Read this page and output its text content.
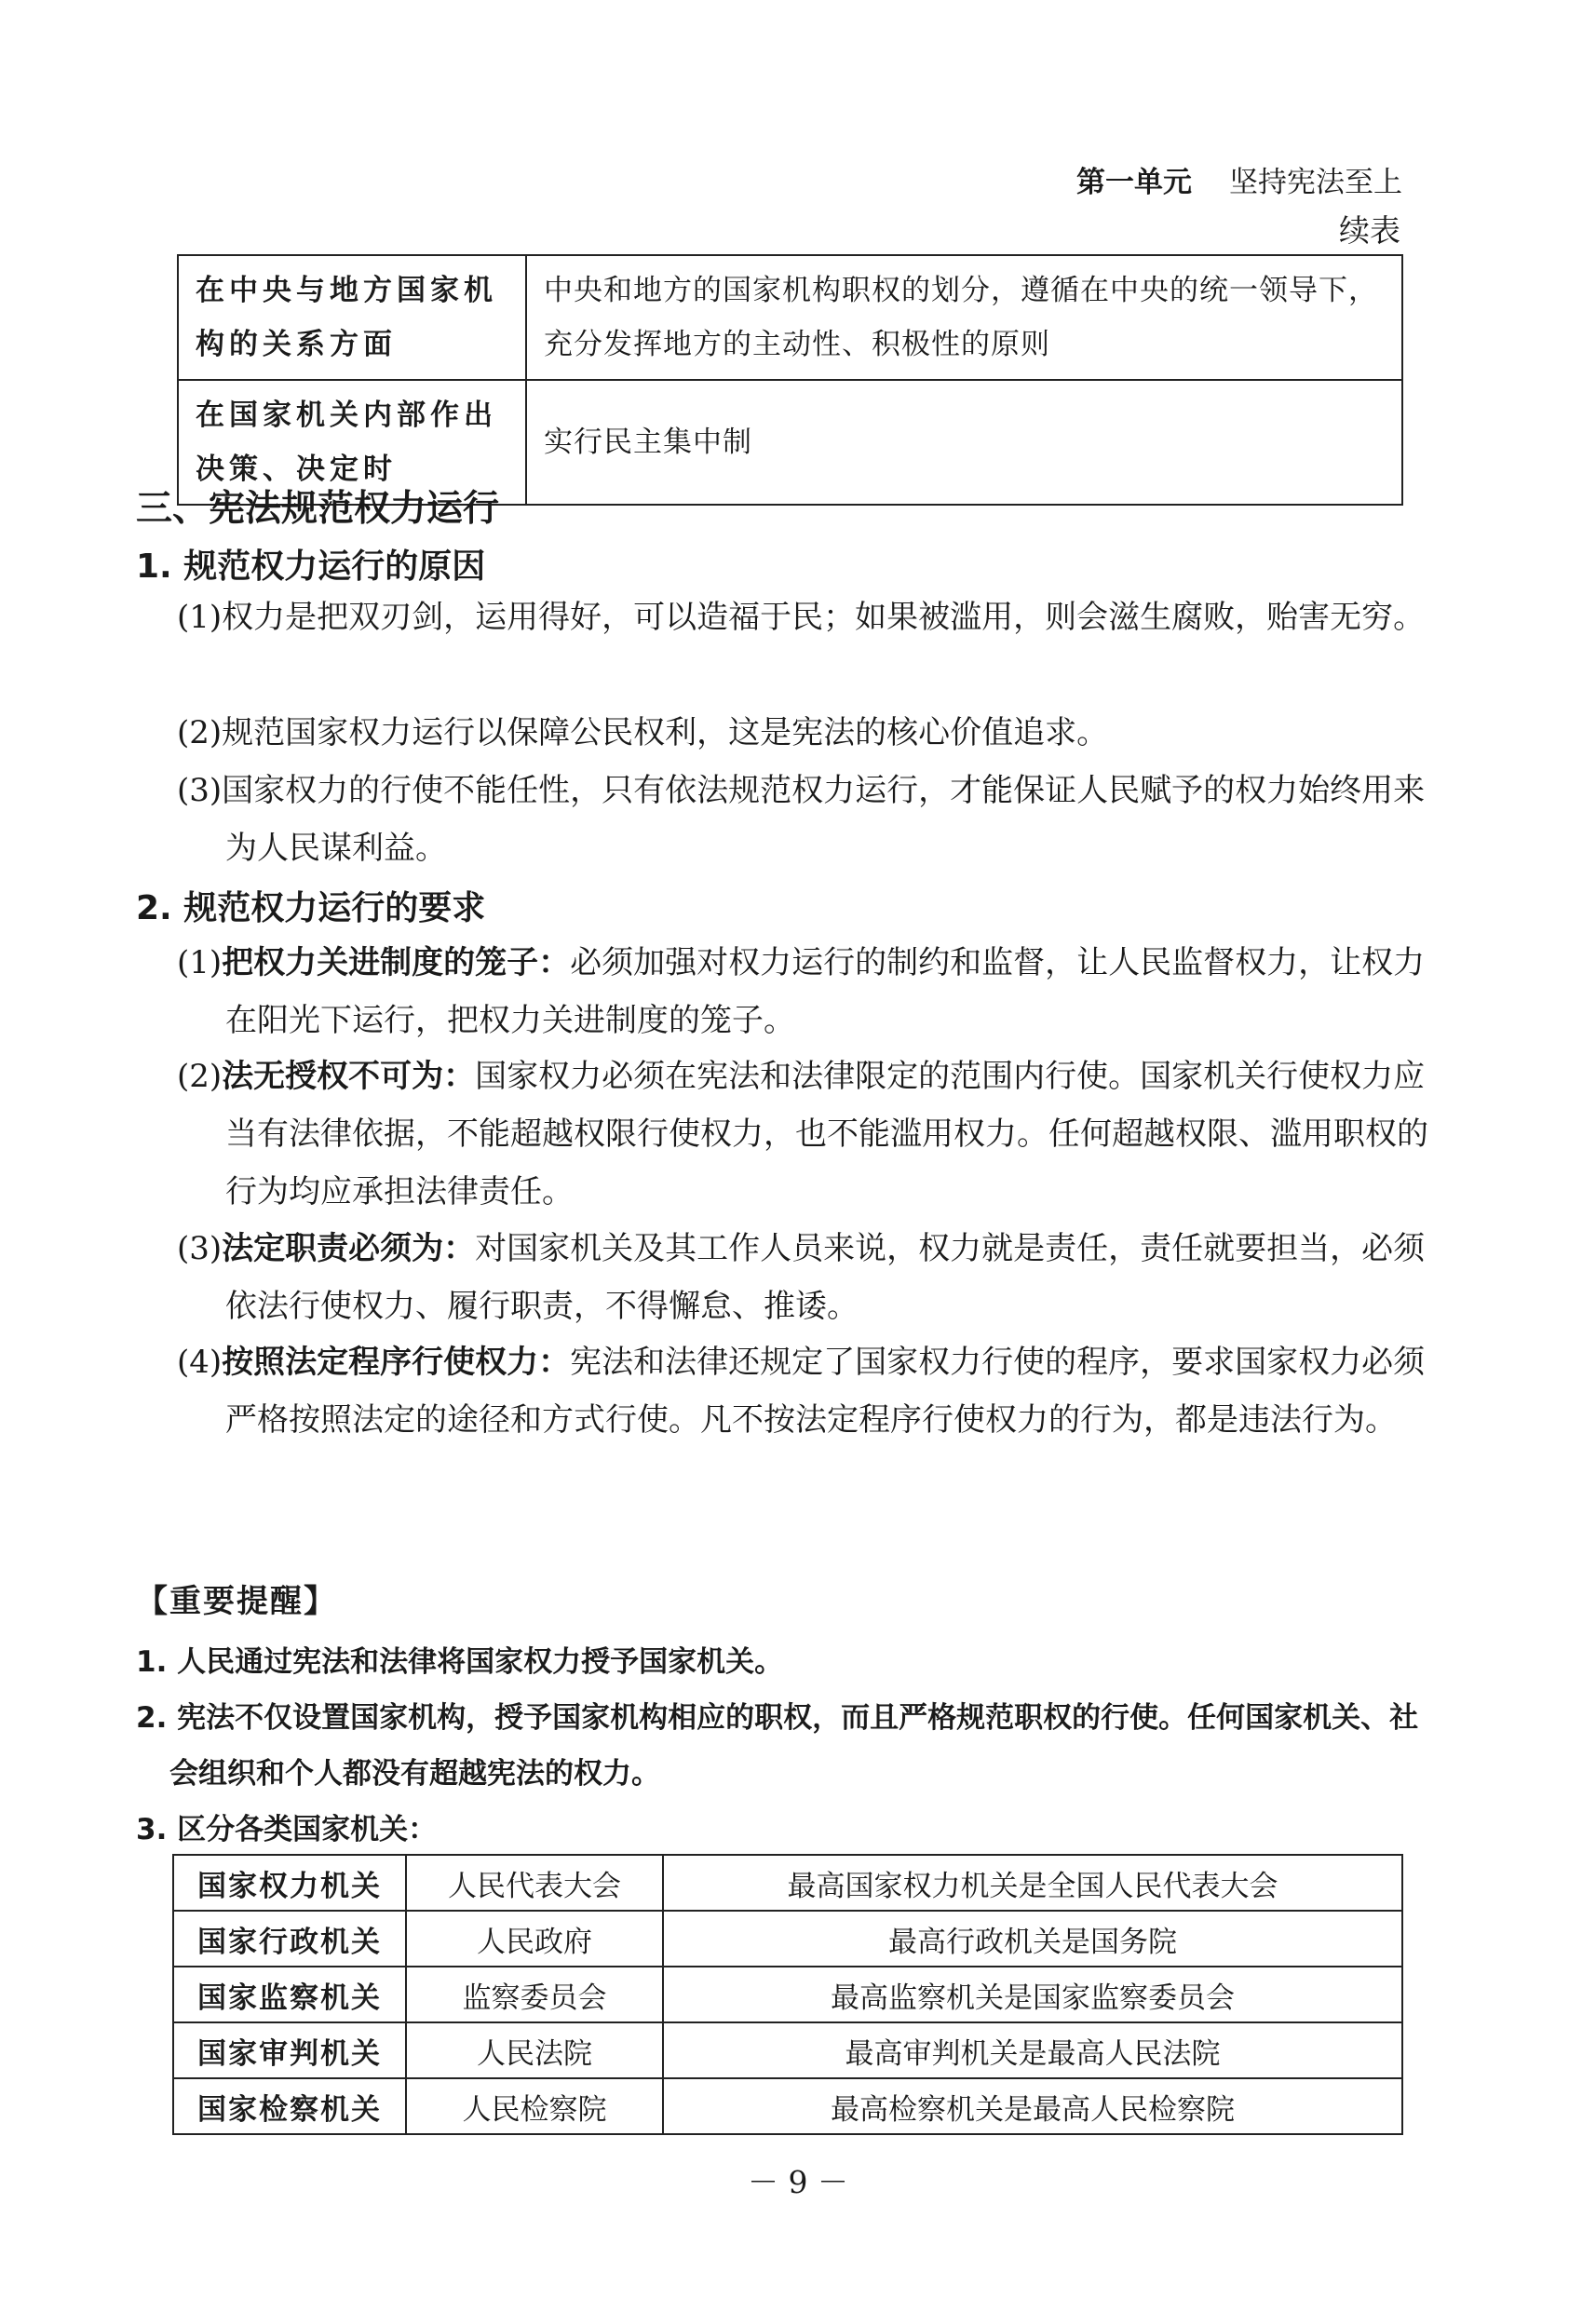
第一单元 坚持宪法至上
续表
在中央与地方国家机构的关系方面	中央和地方的国家机构职权的划分，遵循在中央的统一领导下，充分发挥地方的主动性、积极性的原则
在国家机关内部作出决策、决定时	实行民主集中制
三、宪法规范权力运行
1. 规范权力运行的原因
(1)权力是把双刃剑，运用得好，可以造福于民；如果被滥用，则会滋生腐败，贻害无穷。
(2)规范国家权力运行以保障公民权利，这是宪法的核心价值追求。
(3)国家权力的行使不能任性，只有依法规范权力运行，才能保证人民赋予的权力始终用来为人民谋利益。
2. 规范权力运行的要求
(1)把权力关进制度的笼子：必须加强对权力运行的制约和监督，让人民监督权力，让权力在阳光下运行，把权力关进制度的笼子。
(2)法无授权不可为：国家权力必须在宪法和法律限定的范围内行使。国家机关行使权力应当有法律依据，不能超越权限行使权力，也不能滥用权力。任何超越权限、滥用职权的行为均应承担法律责任。
(3)法定职责必须为：对国家机关及其工作人员来说，权力就是责任，责任就要担当，必须依法行使权力、履行职责，不得懈怠、推诿。
(4)按照法定程序行使权力：宪法和法律还规定了国家权力行使的程序，要求国家权力必须严格按照法定的途径和方式行使。凡不按法定程序行使权力的行为，都是违法行为。
【重要提醒】
1. 人民通过宪法和法律将国家权力授予国家机关。
2. 宪法不仅设置国家机构，授予国家机构相应的职权，而且严格规范职权的行使。任何国家机关、社会组织和个人都没有超越宪法的权力。
3. 区分各类国家机关：
国家权力机关	人民代表大会	最高国家权力机关是全国人民代表大会
国家行政机关	人民政府	最高行政机关是国务院
国家监察机关	监察委员会	最高监察机关是国家监察委员会
国家审判机关	人民法院	最高审判机关是最高人民法院
国家检察机关	人民检察院	最高检察机关是最高人民检察院
－ 9 －
